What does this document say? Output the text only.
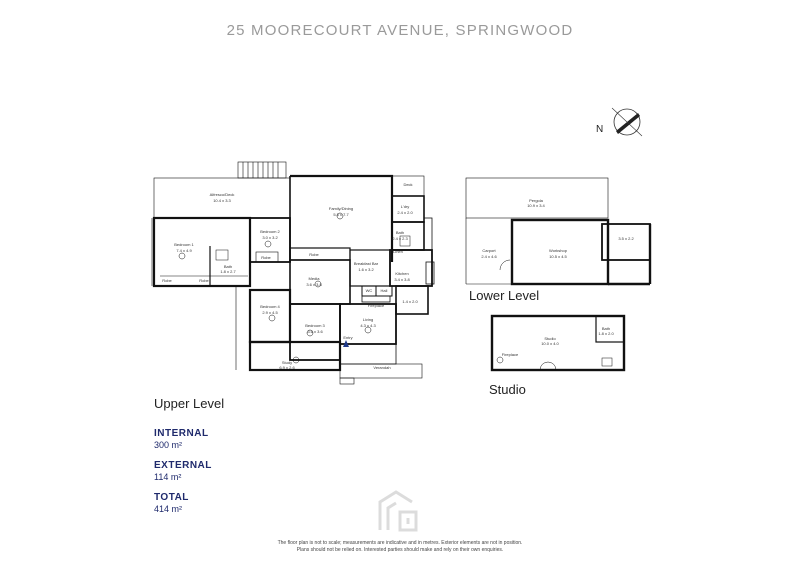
25 MOORECOURT AVENUE, SPRINGWOOD
N
Alfresco/Deck
10.4 x 3.3
Family/Dining
5.5 x 7.7
Deck
L'dry
2.4 x 2.0
Bath
2.4 x 2.3
Linen
Bedroom 1
7.4 x 4.9
Bedroom 2
3.0 x 3.2
Bath
1.8 x 2.7
Robe	Robe
Robe
Robe
Media
3.6 x 3.8
Breakfast Bar
1.6 x 3.2
Kitchen
3.4 x 3.8
WC Hall
1.4 x 2.0
Bedroom 4
2.9 x 4.5
Bedroom 3
3.6 x 3.6
Living
4.3 x 4.3
Fireplace
Entry
Study
6.9 x 2.6	Verandah
Pergola
10.9 x 3.4
Carport
2.4 x 4.6
Workshop
10.5 x 4.5
3.5 x 2.2
Studio
10.0 x 4.0
Bath
1.8 x 2.0
Fireplace
Upper Level
Lower Level
Studio
INTERNAL
300 m²
EXTERNAL
114 m²
TOTAL
414 m²
The floor plan is not to scale; measurements are indicative and in metres. Exterior elements are not in position.
Plans should not be relied on. Interested parties should make and rely on their own enquiries.
